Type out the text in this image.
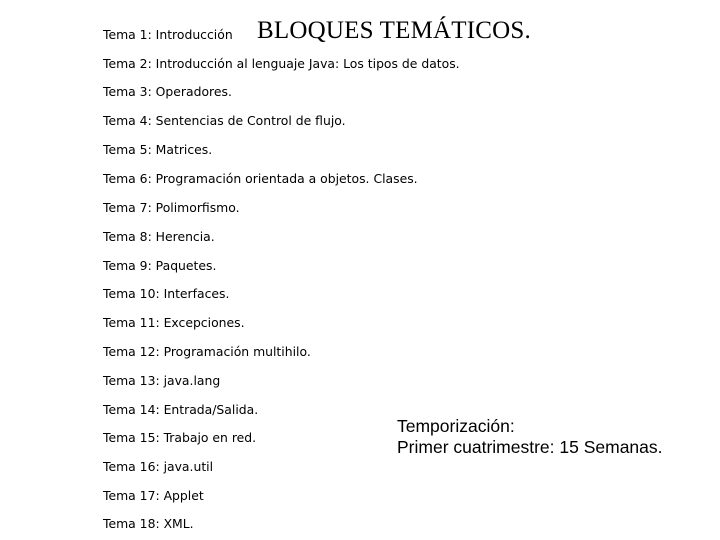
BLOQUES TEMÁTICOS.
Tema 1: Introducción
Tema 2: Introducción al lenguaje Java: Los tipos de datos.
Tema 3: Operadores.
Tema 4: Sentencias de Control de flujo.
Tema 5: Matrices.
Tema 6: Programación orientada a objetos. Clases.
Tema 7: Polimorfismo.
Tema 8: Herencia.
Tema 9: Paquetes.
Tema 10: Interfaces.
Tema 11: Excepciones.
Tema 12: Programación multihilo.
Tema 13: java.lang
Tema 14: Entrada/Salida.
Tema 15: Trabajo en red.
Tema 16: java.util
Tema 17: Applet
Tema 18: XML.
Temporización:
Primer cuatrimestre: 15 Semanas.
